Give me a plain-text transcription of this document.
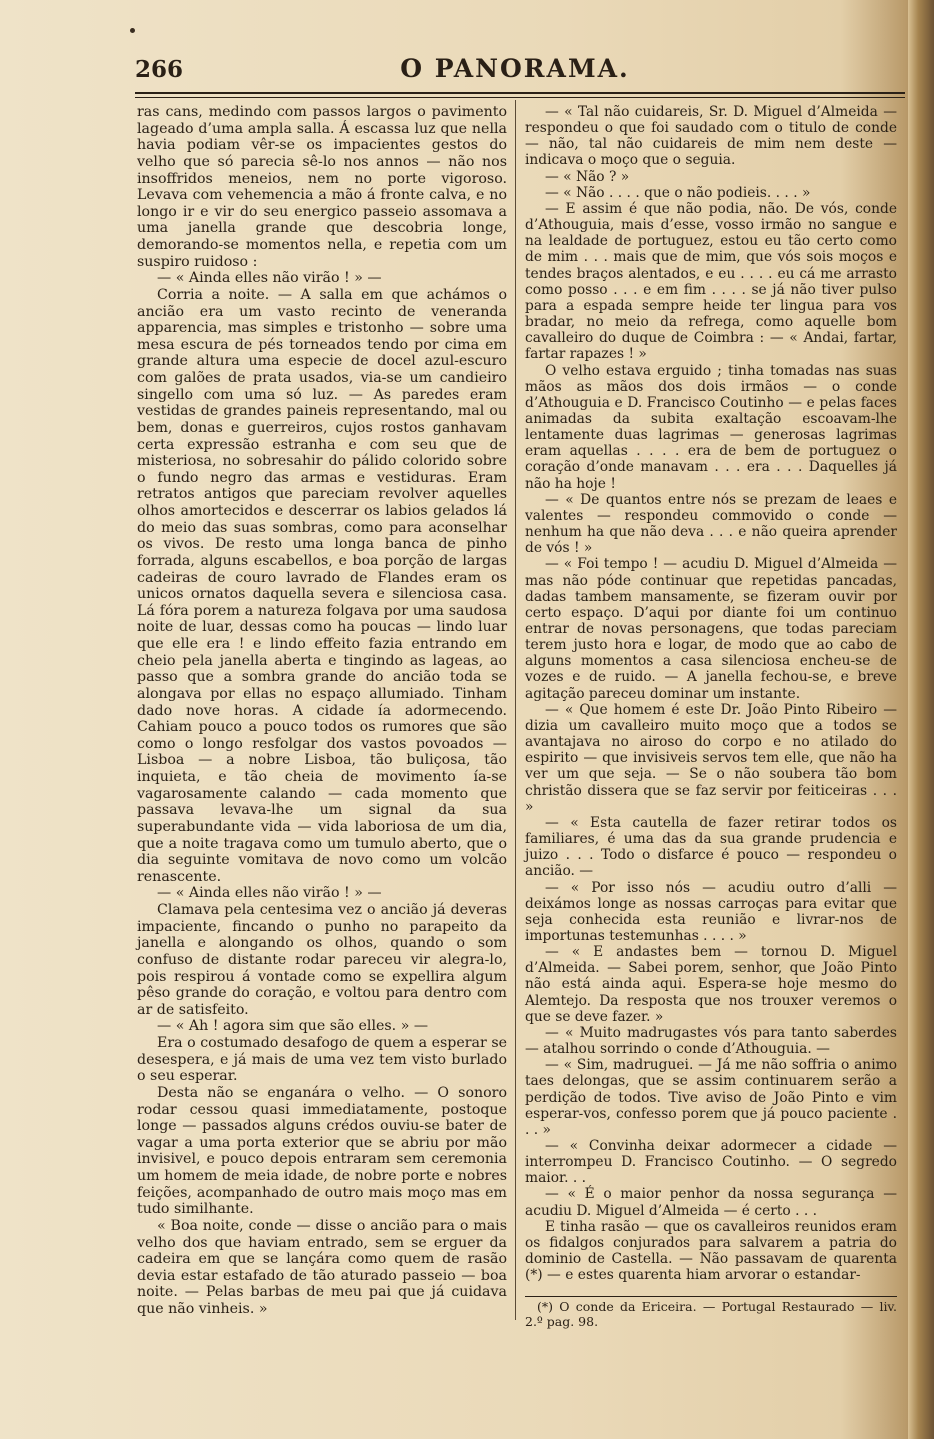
266	O PANORAMA.

ras cans, medindo com passos largos o pavimento lageado d’uma ampla salla. Á escassa luz que nella havia podiam vêr-se os impacientes gestos do velho que só parecia sê-lo nos annos — não nos insoffridos meneios, nem no porte vigoroso. Levava com vehemencia a mão á fronte calva, e no longo ir e vir do seu energico passeio assomava a uma janella grande que descobria longe, demorando-se momentos nella, e repetia com um suspiro ruidoso :

— « Ainda elles não virão ! » —

Corria a noite. — A salla em que achámos o ancião era um vasto recinto de veneranda apparencia, mas simples e tristonho — sobre uma mesa escura de pés torneados tendo por cima em grande altura uma especie de docel azul-escuro com galões de prata usados, via-se um candieiro singello com uma só luz. — As paredes eram vestidas de grandes paineis representando, mal ou bem, donas e guerreiros, cujos rostos ganhavam certa expressão estranha e com seu que de misteriosa, no sobresahir do pálido colorido sobre o fundo negro das armas e vestiduras. Eram retratos antigos que pareciam revolver aquelles olhos amortecidos e descerrar os labios gelados lá do meio das suas sombras, como para aconselhar os vivos. De resto uma longa banca de pinho forrada, alguns escabellos, e boa porção de largas cadeiras de couro lavrado de Flandes eram os unicos ornatos daquella severa e silenciosa casa. Lá fóra porem a natureza folgava por uma saudosa noite de luar, dessas como ha poucas — lindo luar que elle era ! e lindo effeito fazia entrando em cheio pela janella aberta e tingindo as lageas, ao passo que a sombra grande do ancião toda se alongava por ellas no espaço allumiado. Tinham dado nove horas. A cidade ía adormecendo. Cahiam pouco a pouco todos os rumores que são como o longo resfolgar dos vastos povoados — Lisboa — a nobre Lisboa, tão buliçosa, tão inquieta, e tão cheia de movimento ía-se vagarosamente calando — cada momento que passava levava-lhe um signal da sua superabundante vida — vida laboriosa de um dia, que a noite tragava como um tumulo aberto, que o dia seguinte vomitava de novo como um volcão renascente.

— « Ainda elles não virão ! » —

Clamava pela centesima vez o ancião já deveras impaciente, fincando o punho no parapeito da janella e alongando os olhos, quando o som confuso de distante rodar pareceu vir alegra-lo, pois respirou á vontade como se expellira algum pêso grande do coração, e voltou para dentro com ar de satisfeito.

— « Ah ! agora sim que são elles. » —

Era o costumado desafogo de quem a esperar se desespera, e já mais de uma vez tem visto burlado o seu esperar.

Desta não se enganára o velho. — O sonoro rodar cessou quasi immediatamente, postoque longe — passados alguns crédos ouviu-se bater de vagar a uma porta exterior que se abriu por mão invisivel, e pouco depois entraram sem ceremonia um homem de meia idade, de nobre porte e nobres feições, acompanhado de outro mais moço mas em tudo similhante.

« Boa noite, conde — disse o ancião para o mais velho dos que haviam entrado, sem se erguer da cadeira em que se lançára como quem de rasão devia estar estafado de tão aturado passeio — boa noite. — Pelas barbas de meu pai que já cuidava que não vinheis. »

— « Tal não cuidareis, Sr. D. Miguel d’Almeida — respondeu o que foi saudado com o titulo de conde — não, tal não cuidareis de mim nem deste — indicava o moço que o seguia.

— « Não ? »

— « Não . . . . que o não podieis. . . . »

— E assim é que não podia, não. De vós, conde d’Athouguia, mais d’esse, vosso irmão no sangue e na lealdade de portuguez, estou eu tão certo como de mim . . . mais que de mim, que vós sois moços e tendes braços alentados, e eu . . . . eu cá me arrasto como posso . . . e em fim . . . . se já não tiver pulso para a espada sempre heide ter lingua para vos bradar, no meio da refrega, como aquelle bom cavalleiro do duque de Coimbra : — « Andai, fartar, fartar rapazes ! »

O velho estava erguido ; tinha tomadas nas suas mãos as mãos dos dois irmãos — o conde d’Athouguia e D. Francisco Coutinho — e pelas faces animadas da subita exaltação escoavam-lhe lentamente duas lagrimas — generosas lagrimas eram aquellas . . . . era de bem de portuguez o coração d’onde manavam . . . era . . . Daquelles já não ha hoje !

— « De quantos entre nós se prezam de leaes e valentes — respondeu commovido o conde — nenhum ha que não deva . . . e não queira aprender de vós ! »

— « Foi tempo ! — acudiu D. Miguel d’Almeida — mas não póde continuar que repetidas pancadas, dadas tambem mansamente, se fizeram ouvir por certo espaço. D’aqui por diante foi um continuo entrar de novas personagens, que todas pareciam terem justo hora e logar, de modo que ao cabo de alguns momentos a casa silenciosa encheu-se de vozes e de ruido. — A janella fechou-se, e breve agitação pareceu dominar um instante.

— « Que homem é este Dr. João Pinto Ribeiro — dizia um cavalleiro muito moço que a todos se avantajava no airoso do corpo e no atilado do espirito — que invisiveis servos tem elle, que não ha ver um que seja. — Se o não soubera tão bom christão dissera que se faz servir por feiticeiras . . . »

— « Esta cautella de fazer retirar todos os familiares, é uma das da sua grande prudencia e juizo . . . Todo o disfarce é pouco — respondeu o ancião. —

— « Por isso nós — acudiu outro d’alli — deixámos longe as nossas carroças para evitar que seja conhecida esta reunião e livrar-nos de importunas testemunhas . . . . »

— « E andastes bem — tornou D. Miguel d’Almeida. — Sabei porem, senhor, que João Pinto não está ainda aqui. Espera-se hoje mesmo do Alemtejo. Da resposta que nos trouxer veremos o que se deve fazer. »

— « Muito madrugastes vós para tanto saberdes — atalhou sorrindo o conde d’Athouguia. —

— « Sim, madruguei. — Já me não soffria o animo taes delongas, que se assim continuarem serão a perdição de todos. Tive aviso de João Pinto e vim esperar-vos, confesso porem que já pouco paciente . . . »

— « Convinha deixar adormecer a cidade — interrompeu D. Francisco Coutinho. — O segredo maior. . .

— « É o maior penhor da nossa segurança — acudiu D. Miguel d’Almeida — é certo . . .

E tinha rasão — que os cavalleiros reunidos eram os fidalgos conjurados para salvarem a patria do dominio de Castella. — Não passavam de quarenta (*) — e estes quarenta hiam arvorar o estandar-

(*) O conde da Ericeira. — Portugal Restaurado — liv. 2.º pag. 98.
